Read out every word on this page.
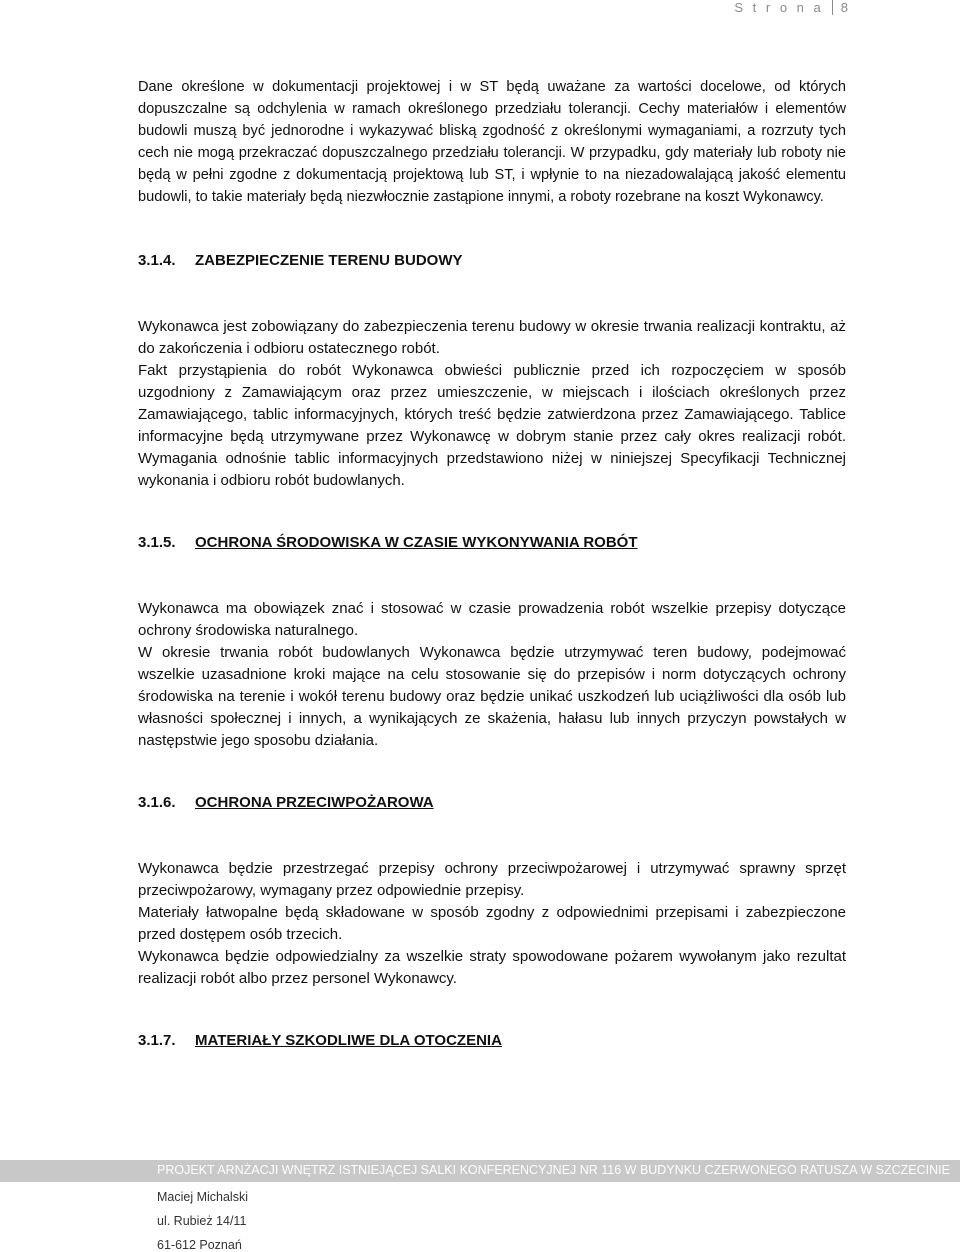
S t r o n a 8

Dane określone w dokumentacji projektowej i w ST będą uważane za wartości docelowe, od których dopuszczalne są odchylenia w ramach określonego przedziału tolerancji. Cechy materiałów i elementów budowli muszą być jednorodne i wykazywać bliską zgodność z określonymi wymaganiami, a rozrzuty tych cech nie mogą przekraczać dopuszczalnego przedziału tolerancji. W przypadku, gdy materiały lub roboty nie będą w pełni zgodne z dokumentacją projektową lub ST, i wpłynie to na niezadowalającą jakość elementu budowli, to takie materiały będą niezwłocznie zastąpione innymi, a roboty rozebrane na koszt Wykonawcy.

3.1.4. ZABEZPIECZENIE TERENU BUDOWY

Wykonawca jest zobowiązany do zabezpieczenia terenu budowy w okresie trwania realizacji kontraktu, aż do zakończenia i odbioru ostatecznego robót.

Fakt przystąpienia do robót Wykonawca obwieści publicznie przed ich rozpoczęciem w sposób uzgodniony z Zamawiającym oraz przez umieszczenie, w miejscach i ilościach określonych przez Zamawiającego, tablic informacyjnych, których treść będzie zatwierdzona przez Zamawiającego. Tablice informacyjne będą utrzymywane przez Wykonawcę w dobrym stanie przez cały okres realizacji robót. Wymagania odnośnie tablic informacyjnych przedstawiono niżej w niniejszej Specyfikacji Technicznej wykonania i odbioru robót budowlanych.

3.1.5. OCHRONA ŚRODOWISKA W CZASIE WYKONYWANIA ROBÓT

Wykonawca ma obowiązek znać i stosować w czasie prowadzenia robót wszelkie przepisy dotyczące ochrony środowiska naturalnego.

W okresie trwania robót budowlanych Wykonawca będzie utrzymywać teren budowy, podejmować wszelkie uzasadnione kroki mające na celu stosowanie się do przepisów i norm dotyczących ochrony środowiska na terenie i wokół terenu budowy oraz będzie unikać uszkodzeń lub uciążliwości dla osób lub własności społecznej i innych, a wynikających ze skażenia, hałasu lub innych przyczyn powstałych w następstwie jego sposobu działania.

3.1.6. OCHRONA PRZECIWPOŻAROWA

Wykonawca będzie przestrzegać przepisy ochrony przeciwpożarowej i utrzymywać sprawny sprzęt przeciwpożarowy, wymagany przez odpowiednie przepisy.

Materiały łatwopalne będą składowane w sposób zgodny z odpowiednimi przepisami i zabezpieczone przed dostępem osób trzecich.

Wykonawca będzie odpowiedzialny za wszelkie straty spowodowane pożarem wywołanym jako rezultat realizacji robót albo przez personel Wykonawcy.

3.1.7. MATERIAŁY SZKODLIWE DLA OTOCZENIA
PROJEKT ARNŻACJI WNĘTRZ ISTNIEJĄCEJ SALKI KONFERENCYJNEJ NR 116 W BUDYNKU CZERWONEGO RATUSZA W SZCZECINIE
Maciej Michalski
ul. Rubież 14/11
61-612 Poznań
